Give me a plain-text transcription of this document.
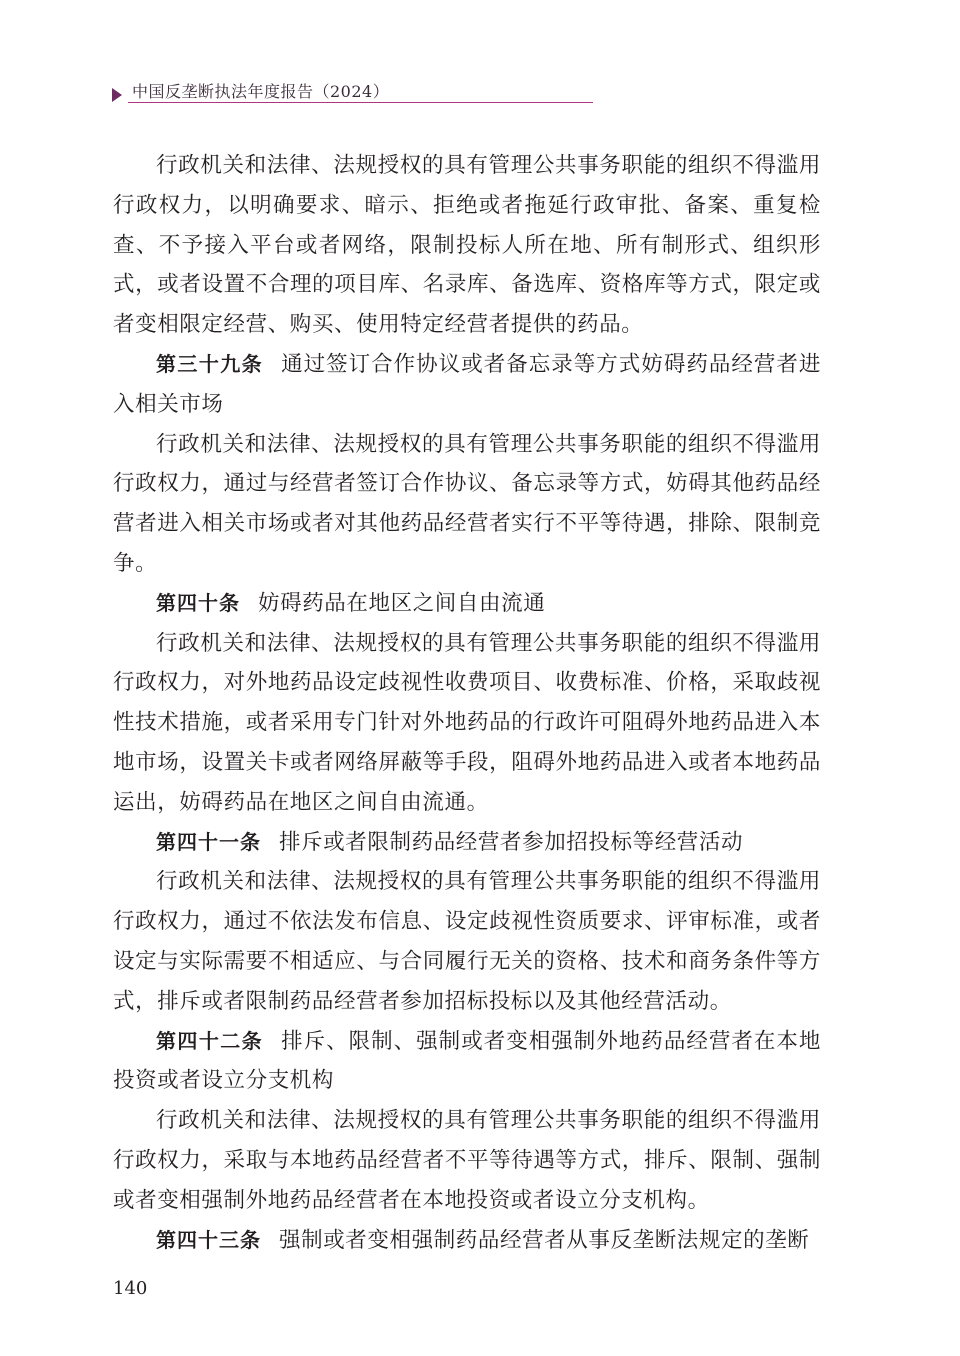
中国反垄断执法年度报告（2024）

行政机关和法律、法规授权的具有管理公共事务职能的组织不得滥用行政权力，以明确要求、暗示、拒绝或者拖延行政审批、备案、重复检查、不予接入平台或者网络，限制投标人所在地、所有制形式、组织形式，或者设置不合理的项目库、名录库、备选库、资格库等方式，限定或者变相限定经营、购买、使用特定经营者提供的药品。

第三十九条 通过签订合作协议或者备忘录等方式妨碍药品经营者进入相关市场

行政机关和法律、法规授权的具有管理公共事务职能的组织不得滥用行政权力，通过与经营者签订合作协议、备忘录等方式，妨碍其他药品经营者进入相关市场或者对其他药品经营者实行不平等待遇，排除、限制竞争。

第四十条 妨碍药品在地区之间自由流通

行政机关和法律、法规授权的具有管理公共事务职能的组织不得滥用行政权力，对外地药品设定歧视性收费项目、收费标准、价格，采取歧视性技术措施，或者采用专门针对外地药品的行政许可阻碍外地药品进入本地市场，设置关卡或者网络屏蔽等手段，阻碍外地药品进入或者本地药品运出，妨碍药品在地区之间自由流通。

第四十一条 排斥或者限制药品经营者参加招投标等经营活动

行政机关和法律、法规授权的具有管理公共事务职能的组织不得滥用行政权力，通过不依法发布信息、设定歧视性资质要求、评审标准，或者设定与实际需要不相适应、与合同履行无关的资格、技术和商务条件等方式，排斥或者限制药品经营者参加招标投标以及其他经营活动。

第四十二条 排斥、限制、强制或者变相强制外地药品经营者在本地投资或者设立分支机构

行政机关和法律、法规授权的具有管理公共事务职能的组织不得滥用行政权力，采取与本地药品经营者不平等待遇等方式，排斥、限制、强制或者变相强制外地药品经营者在本地投资或者设立分支机构。

第四十三条 强制或者变相强制药品经营者从事反垄断法规定的垄断

140
